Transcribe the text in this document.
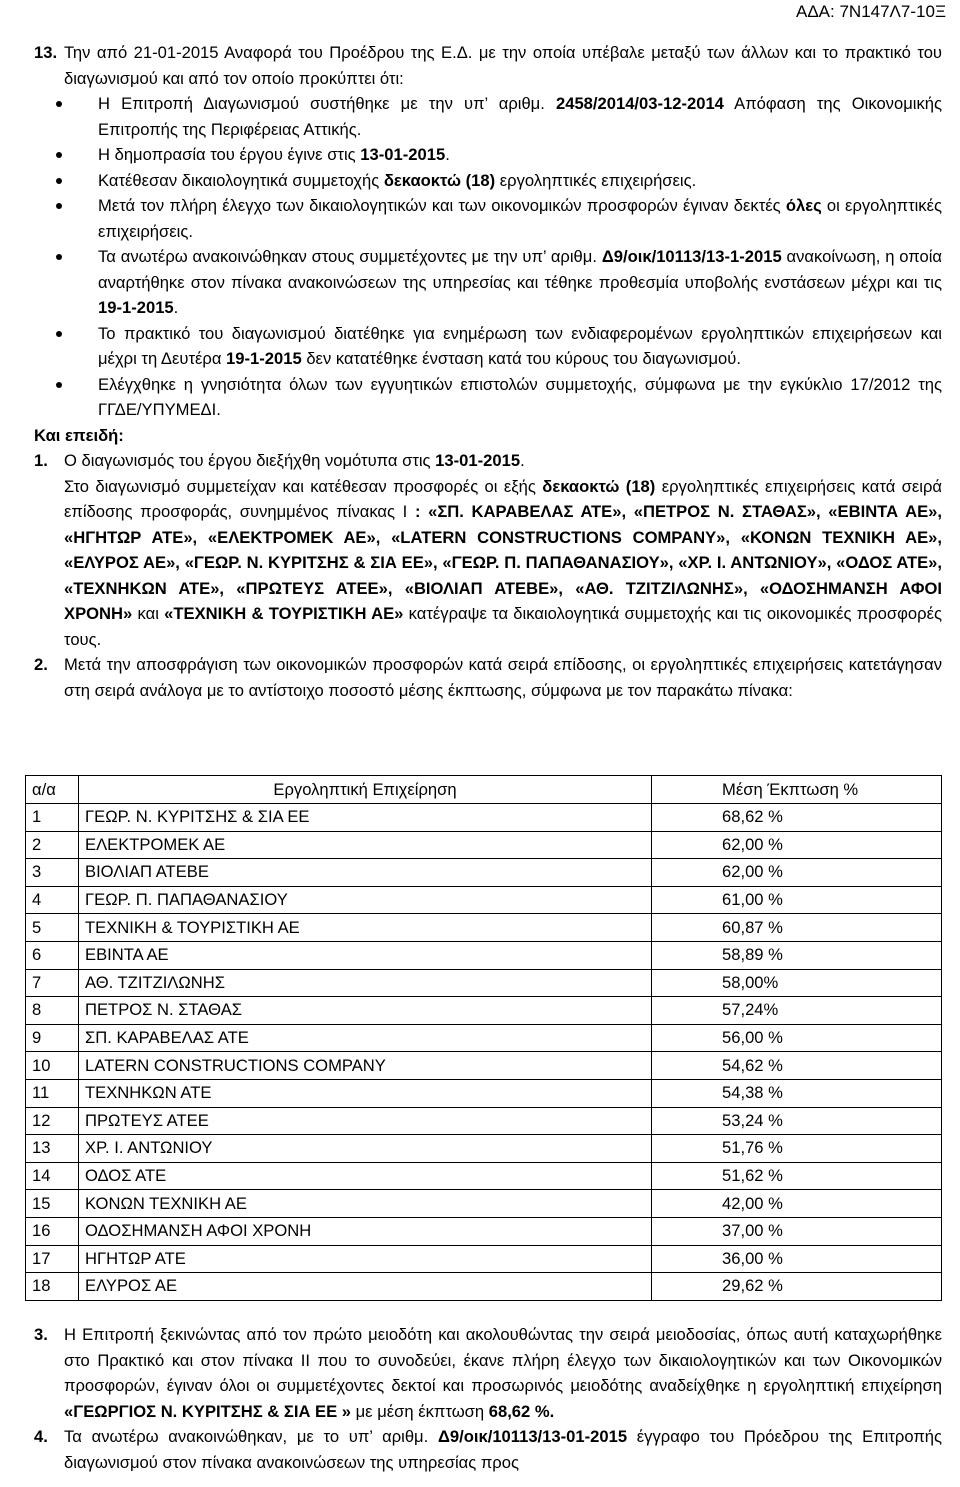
ΑΔΑ: 7Ν147Λ7-10Ξ
13. Την από 21-01-2015 Αναφορά του Προέδρου της Ε.Δ. με την οποία υπέβαλε μεταξύ των άλλων και το πρακτικό του διαγωνισμού και από τον οποίο προκύπτει ότι:
Η Επιτροπή Διαγωνισμού συστήθηκε με την υπ’ αριθμ. 2458/2014/03-12-2014 Απόφαση της Οικονομικής Επιτροπής της Περιφέρειας Αττικής.
Η δημοπρασία του έργου έγινε στις 13-01-2015.
Κατέθεσαν δικαιολογητικά συμμετοχής δεκαοκτώ (18) εργοληπτικές επιχειρήσεις.
Μετά τον πλήρη έλεγχο των δικαιολογητικών και των οικονομικών προσφορών έγιναν δεκτές όλες οι εργοληπτικές επιχειρήσεις.
Τα ανωτέρω ανακοινώθηκαν στους συμμετέχοντες με την υπ’ αριθμ. Δ9/οικ/10113/13-1-2015 ανακοίνωση, η οποία αναρτήθηκε στον πίνακα ανακοινώσεων της υπηρεσίας και τέθηκε προθεσμία υποβολής ενστάσεων μέχρι και τις 19-1-2015.
Το πρακτικό του διαγωνισμού διατέθηκε για ενημέρωση των ενδιαφερομένων εργοληπτικών επιχειρήσεων και μέχρι τη Δευτέρα 19-1-2015 δεν κατατέθηκε ένσταση κατά του κύρους του διαγωνισμού.
Ελέγχθηκε η γνησιότητα όλων των εγγυητικών επιστολών συμμετοχής, σύμφωνα με την εγκύκλιο 17/2012 της ΓΓΔΕ/ΥΠΥΜΕΔΙ.

Και επειδή:

1. Ο διαγωνισμός του έργου διεξήχθη νομότυπα στις 13-01-2015.

Στο διαγωνισμό συμμετείχαν και κατέθεσαν προσφορές οι εξής δεκαοκτώ (18) εργοληπτικές επιχειρήσεις κατά σειρά επίδοσης προσφοράς, συνημμένος πίνακας Ι : «ΣΠ. ΚΑΡΑΒΕΛΑΣ ΑΤΕ», «ΠΕΤΡΟΣ Ν. ΣΤΑΘΑΣ», «ΕΒΙΝΤΑ ΑΕ», «ΗΓΗΤΩΡ ΑΤΕ», «ΕΛΕΚΤΡΟΜΕΚ ΑΕ», «LATERN CONSTRUCTIONS COMPANY», «ΚΟΝΩΝ ΤΕΧΝΙΚΗ ΑΕ», «ΕΛΥΡΟΣ ΑΕ», «ΓΕΩΡ. Ν. ΚΥΡΙΤΣΗΣ & ΣΙΑ ΕΕ», «ΓΕΩΡ. Π. ΠΑΠΑΘΑΝΑΣΙΟΥ», «ΧΡ. Ι. ΑΝΤΩΝΙΟΥ», «ΟΔΟΣ ΑΤΕ», «ΤΕΧΝΗΚΩΝ ΑΤΕ», «ΠΡΩΤΕΥΣ ΑΤΕΕ», «ΒΙΟΛΙΑΠ ΑΤΕΒΕ», «ΑΘ. ΤΖΙΤΖΙΛΩΝΗΣ», «ΟΔΟΣΗΜΑΝΣΗ ΑΦΟΙ ΧΡΟΝΗ» και «ΤΕΧΝΙΚΗ & ΤΟΥΡΙΣΤΙΚΗ ΑΕ» κατέγραψε τα δικαιολογητικά συμμετοχής και τις οικονομικές προσφορές τους.

2. Μετά την αποσφράγιση των οικονομικών προσφορών κατά σειρά επίδοσης, οι εργοληπτικές επιχειρήσεις κατετάγησαν στη σειρά ανάλογα με το αντίστοιχο ποσοστό μέσης έκπτωσης, σύμφωνα με τον παρακάτω πίνακα:
α/α	Εργοληπτική Επιχείρηση	Μέση Έκπτωση %
1	ΓΕΩΡ. Ν. ΚΥΡΙΤΣΗΣ & ΣΙΑ ΕΕ	68,62 %
2	ΕΛΕΚΤΡΟΜΕΚ ΑΕ	62,00 %
3	ΒΙΟΛΙΑΠ ΑΤΕΒΕ	62,00 %
4	ΓΕΩΡ. Π. ΠΑΠΑΘΑΝΑΣΙΟΥ	61,00 %
5	ΤΕΧΝΙΚΗ & ΤΟΥΡΙΣΤΙΚΗ ΑΕ	60,87 %
6	ΕΒΙΝΤΑ ΑΕ	58,89 %
7	ΑΘ. ΤΖΙΤΖΙΛΩΝΗΣ	58,00%
8	ΠΕΤΡΟΣ Ν. ΣΤΑΘΑΣ	57,24%
9	ΣΠ. ΚΑΡΑΒΕΛΑΣ ΑΤΕ	56,00 %
10	LATERN CONSTRUCTIONS COMPANY	54,62 %
11	ΤΕΧΝΗΚΩΝ ΑΤΕ	54,38 %
12	ΠΡΩΤΕΥΣ ΑΤΕΕ	53,24 %
13	ΧΡ. Ι. ΑΝΤΩΝΙΟΥ	51,76 %
14	ΟΔΟΣ ΑΤΕ	51,62 %
15	ΚΟΝΩΝ ΤΕΧΝΙΚΗ ΑΕ	42,00 %
16	ΟΔΟΣΗΜΑΝΣΗ ΑΦΟΙ ΧΡΟΝΗ	37,00 %
17	ΗΓΗΤΩΡ ΑΤΕ	36,00 %
18	ΕΛΥΡΟΣ ΑΕ	29,62 %
3. Η Επιτροπή ξεκινώντας από τον πρώτο μειοδότη και ακολουθώντας την σειρά μειοδοσίας, όπως αυτή καταχωρήθηκε στο Πρακτικό και στον πίνακα ΙΙ που το συνοδεύει, έκανε πλήρη έλεγχο των δικαιολογητικών και των Οικονομικών προσφορών, έγιναν όλοι οι συμμετέχοντες δεκτοί και προσωρινός μειοδότης αναδείχθηκε η εργοληπτική επιχείρηση «ΓΕΩΡΓΙΟΣ Ν. ΚΥΡΙΤΣΗΣ & ΣΙΑ ΕΕ » με μέση έκπτωση 68,62 %.
4. Τα ανωτέρω ανακοινώθηκαν, με το υπ’ αριθμ. Δ9/οικ/10113/13-01-2015 έγγραφο του Πρόεδρου της Επιτροπής διαγωνισμού στον πίνακα ανακοινώσεων της υπηρεσίας προς
